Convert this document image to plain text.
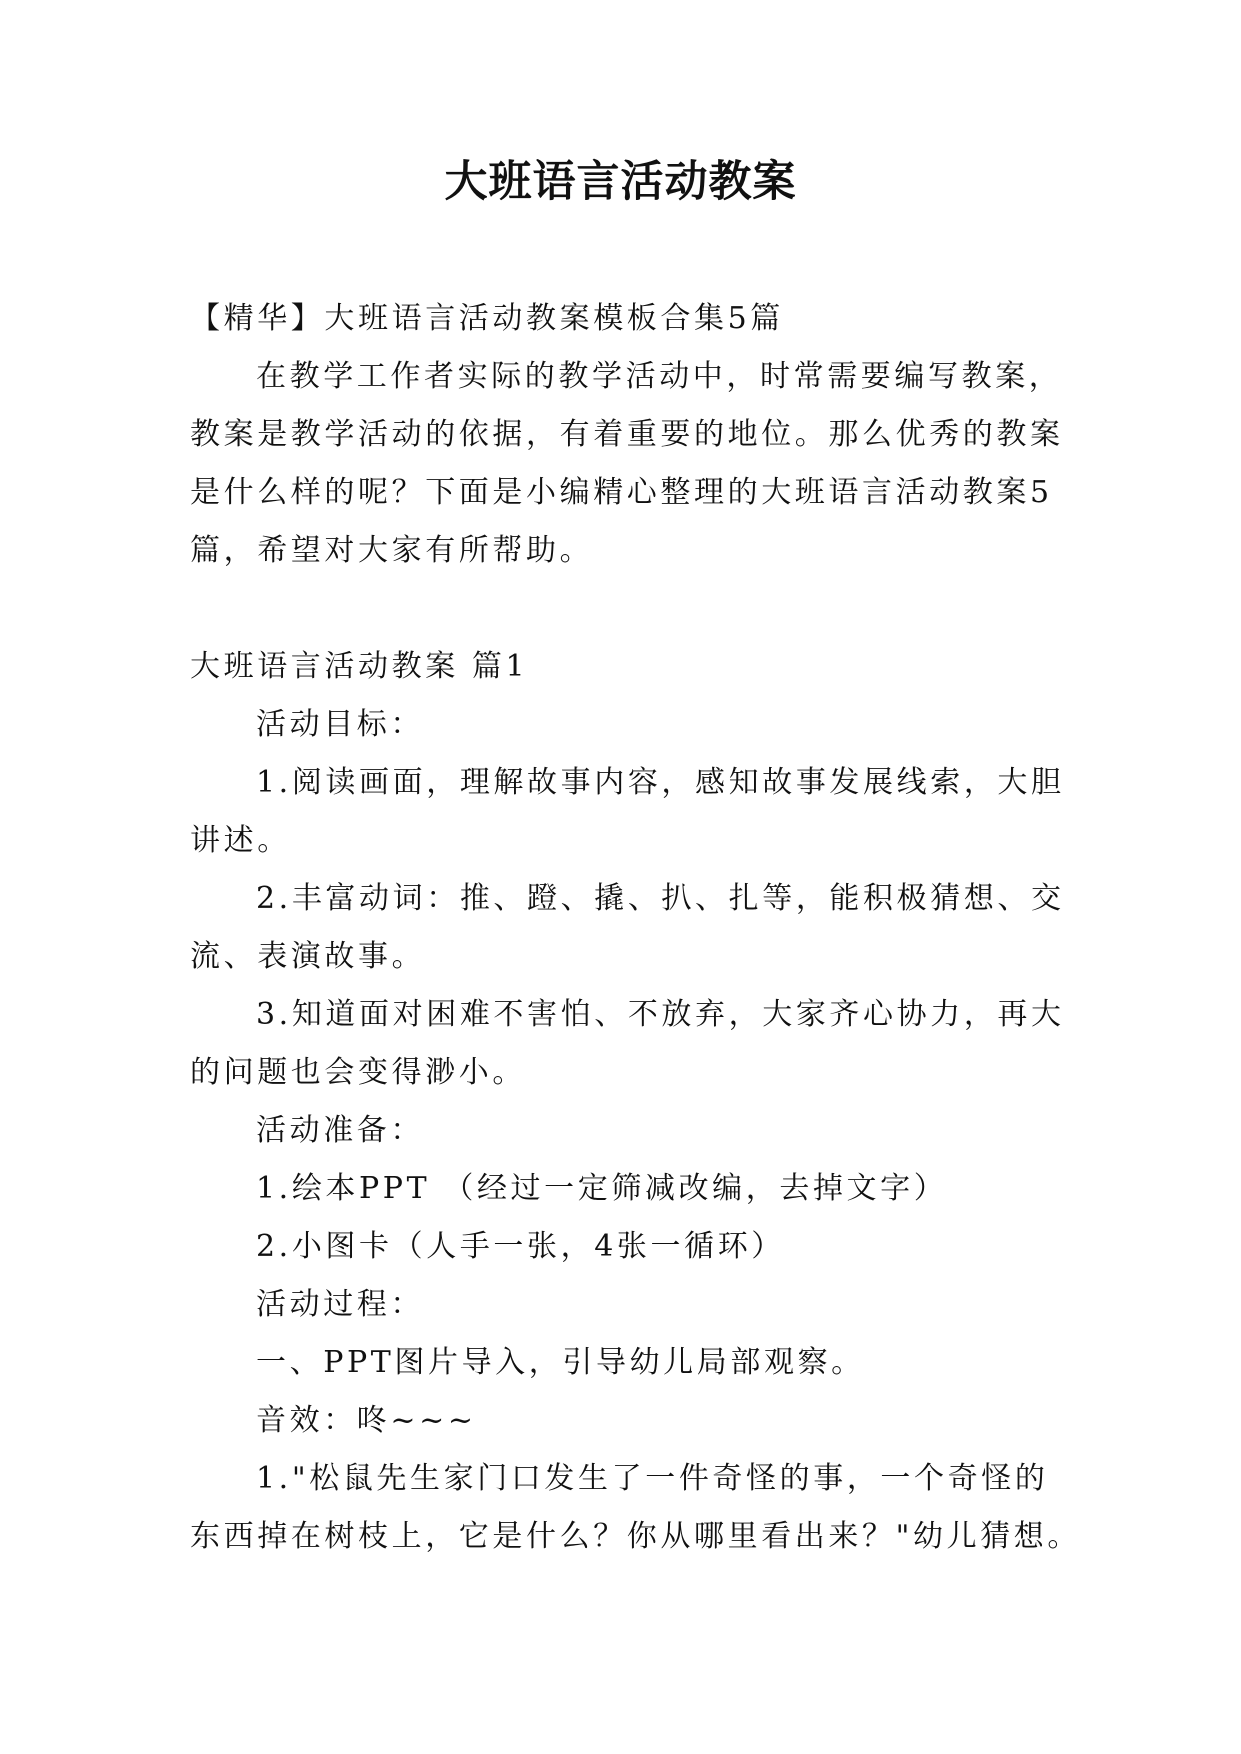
大班语言活动教案
【精华】大班语言活动教案模板合集5篇
在教学工作者实际的教学活动中，时常需要编写教案，
教案是教学活动的依据，有着重要的地位。那么优秀的教案
是什么样的呢？下面是小编精心整理的大班语言活动教案5
篇，希望对大家有所帮助。
大班语言活动教案 篇1
活动目标：
1.阅读画面，理解故事内容，感知故事发展线索，大胆
讲述。
2.丰富动词：推、蹬、撬、扒、扎等，能积极猜想、交
流、表演故事。
3.知道面对困难不害怕、不放弃，大家齐心协力，再大
的问题也会变得渺小。
活动准备：
1.绘本PPT （经过一定筛减改编，去掉文字）
2.小图卡（人手一张，4张一循环）
活动过程：
一、PPT图片导入，引导幼儿局部观察。
音效：咚~~~
1."松鼠先生家门口发生了一件奇怪的事，一个奇怪的
东西掉在树枝上，它是什么？你从哪里看出来？"幼儿猜想。
